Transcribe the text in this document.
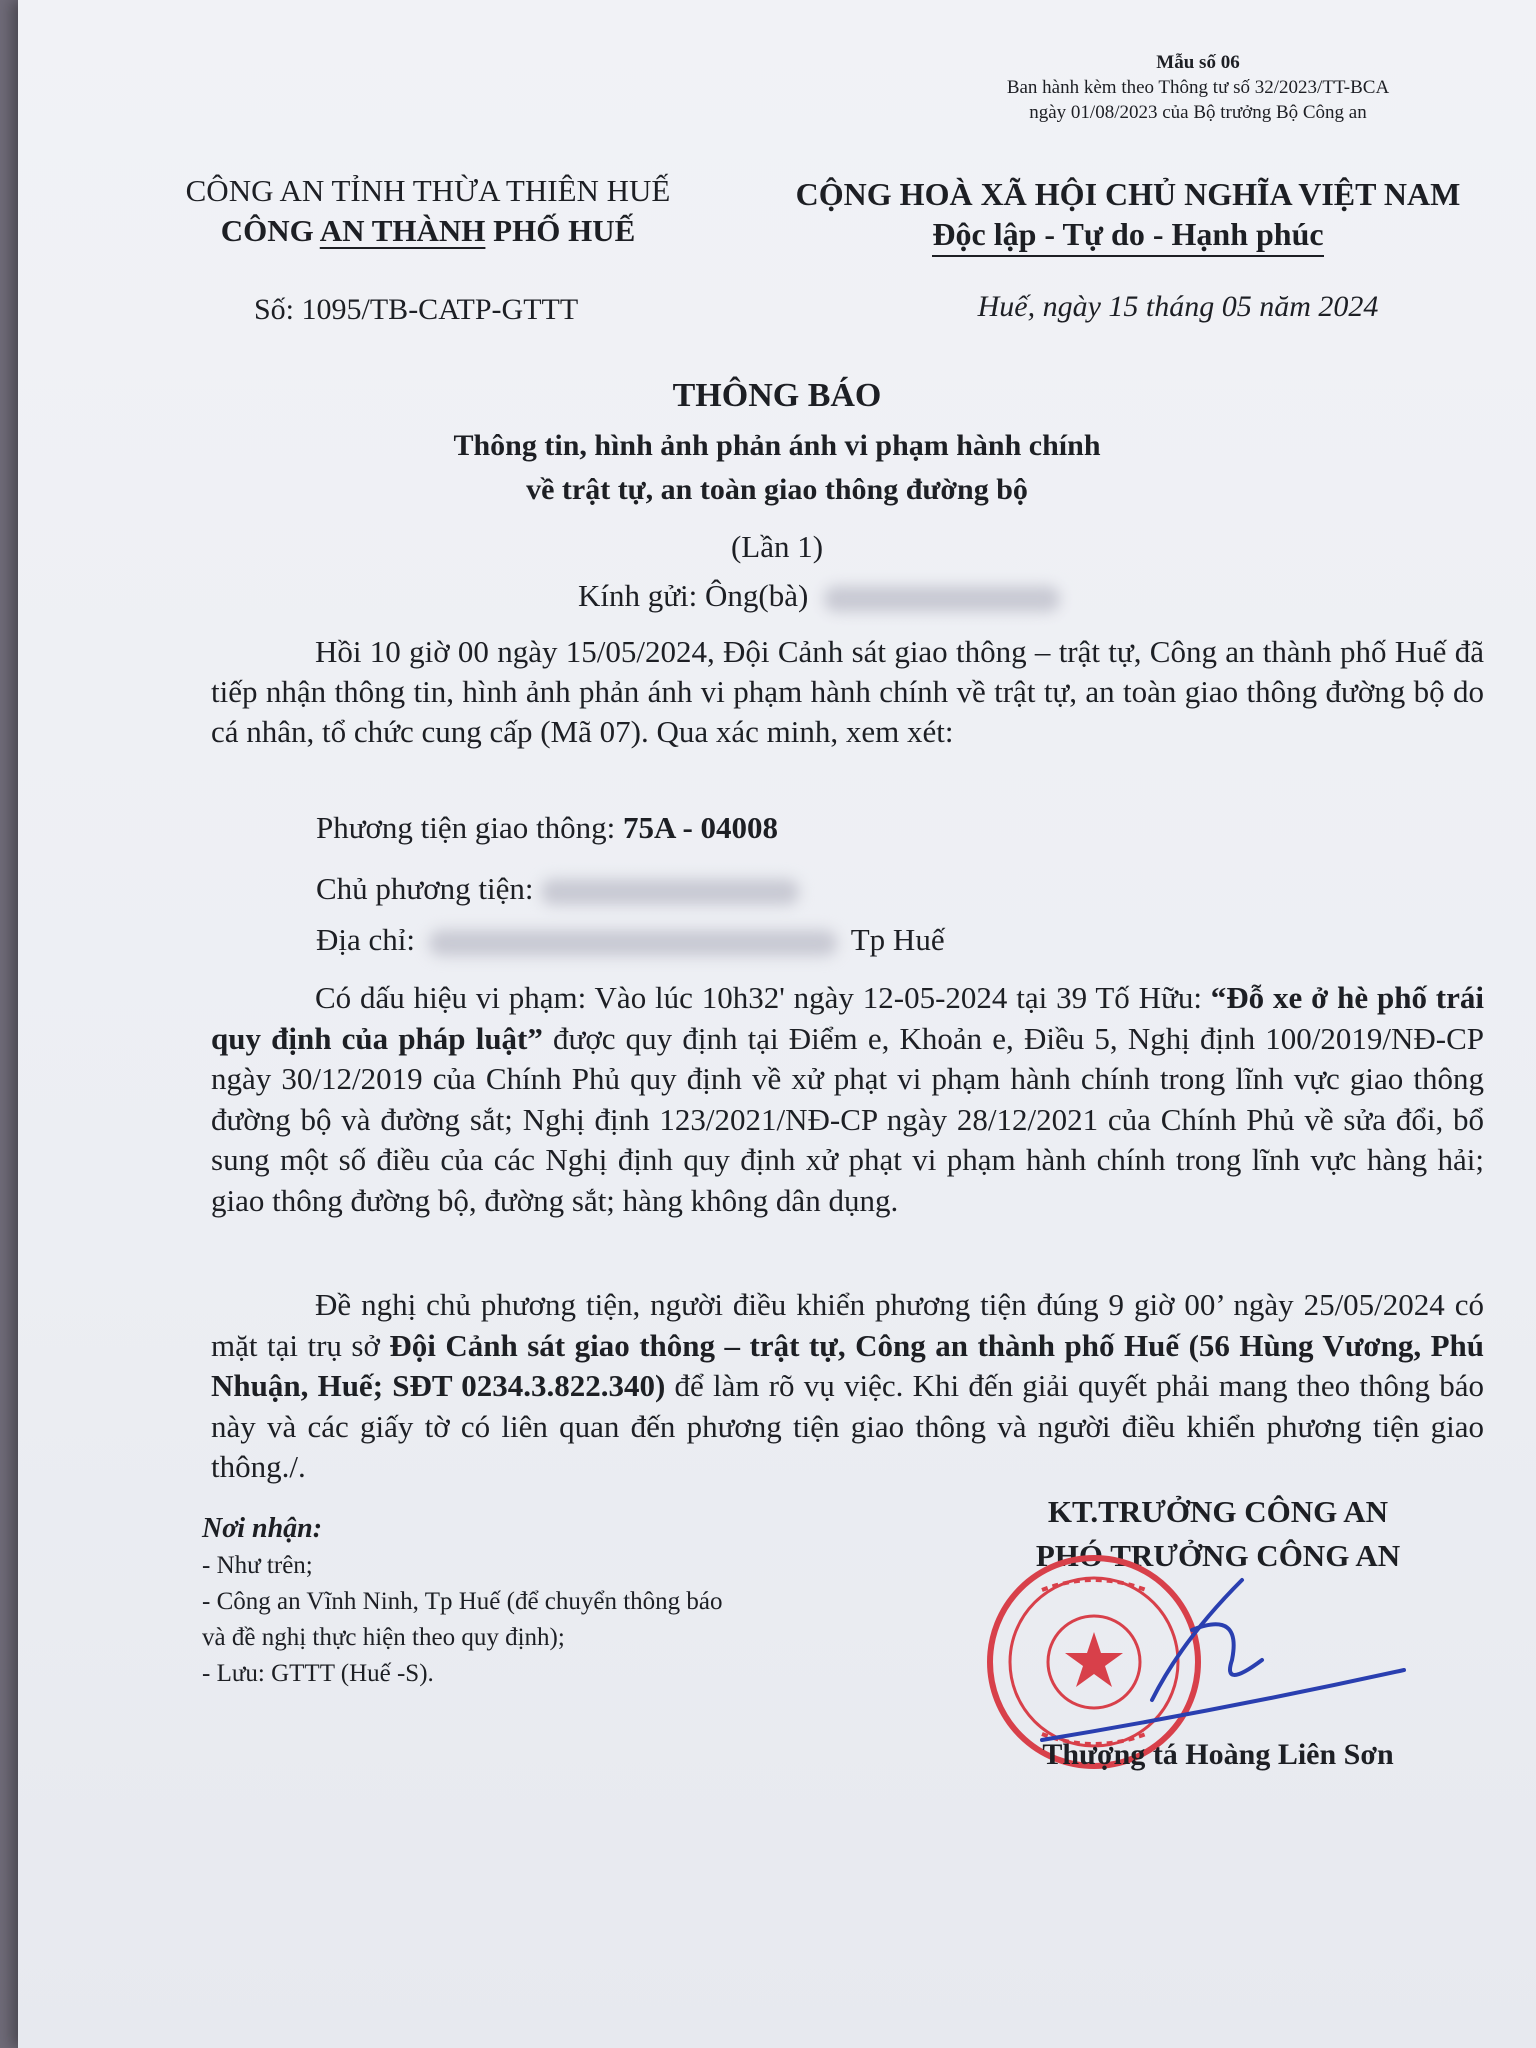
Mẫu số 06
Ban hành kèm theo Thông tư số 32/2023/TT-BCA
ngày 01/08/2023 của Bộ trưởng Bộ Công an
CÔNG AN TỈNH THỪA THIÊN HUẾ
CÔNG AN THÀNH PHỐ HUẾ
CỘNG HOÀ XÃ HỘI CHỦ NGHĨA VIỆT NAM
Độc lập - Tự do - Hạnh phúc
Số: 1095/TB-CATP-GTTT	Huế, ngày 15 tháng 05 năm 2024
THÔNG BÁO
Thông tin, hình ảnh phản ánh vi phạm hành chính
về trật tự, an toàn giao thông đường bộ
(Lần 1)
Kính gửi: Ông(bà)

Hồi 10 giờ 00 ngày 15/05/2024, Đội Cảnh sát giao thông – trật tự, Công an thành phố Huế đã tiếp nhận thông tin, hình ảnh phản ánh vi phạm hành chính về trật tự, an toàn giao thông đường bộ do cá nhân, tổ chức cung cấp (Mã 07). Qua xác minh, xem xét:

Phương tiện giao thông: 75A - 04008
Chủ phương tiện:
Địa chỉ:	Tp Huế

Có dấu hiệu vi phạm: Vào lúc 10h32' ngày 12-05-2024 tại 39 Tố Hữu: “Đỗ xe ở hè phố trái quy định của pháp luật” được quy định tại Điểm e, Khoản e, Điều 5, Nghị định 100/2019/NĐ-CP ngày 30/12/2019 của Chính Phủ quy định về xử phạt vi phạm hành chính trong lĩnh vực giao thông đường bộ và đường sắt; Nghị định 123/2021/NĐ-CP ngày 28/12/2021 của Chính Phủ về sửa đổi, bổ sung một số điều của các Nghị định quy định xử phạt vi phạm hành chính trong lĩnh vực hàng hải; giao thông đường bộ, đường sắt; hàng không dân dụng.

Đề nghị chủ phương tiện, người điều khiển phương tiện đúng 9 giờ 00’ ngày 25/05/2024 có mặt tại trụ sở Đội Cảnh sát giao thông – trật tự, Công an thành phố Huế (56 Hùng Vương, Phú Nhuận, Huế; SĐT 0234.3.822.340) để làm rõ vụ việc. Khi đến giải quyết phải mang theo thông báo này và các giấy tờ có liên quan đến phương tiện giao thông và người điều khiển phương tiện giao thông./.

Nơi nhận:
- Như trên;
- Công an Vĩnh Ninh, Tp Huế (để chuyển thông báo
và đề nghị thực hiện theo quy định);
- Lưu: GTTT (Huế -S).
KT.TRƯỞNG CÔNG AN
PHÓ TRƯỞNG CÔNG AN
Thượng tá Hoàng Liên Sơn
